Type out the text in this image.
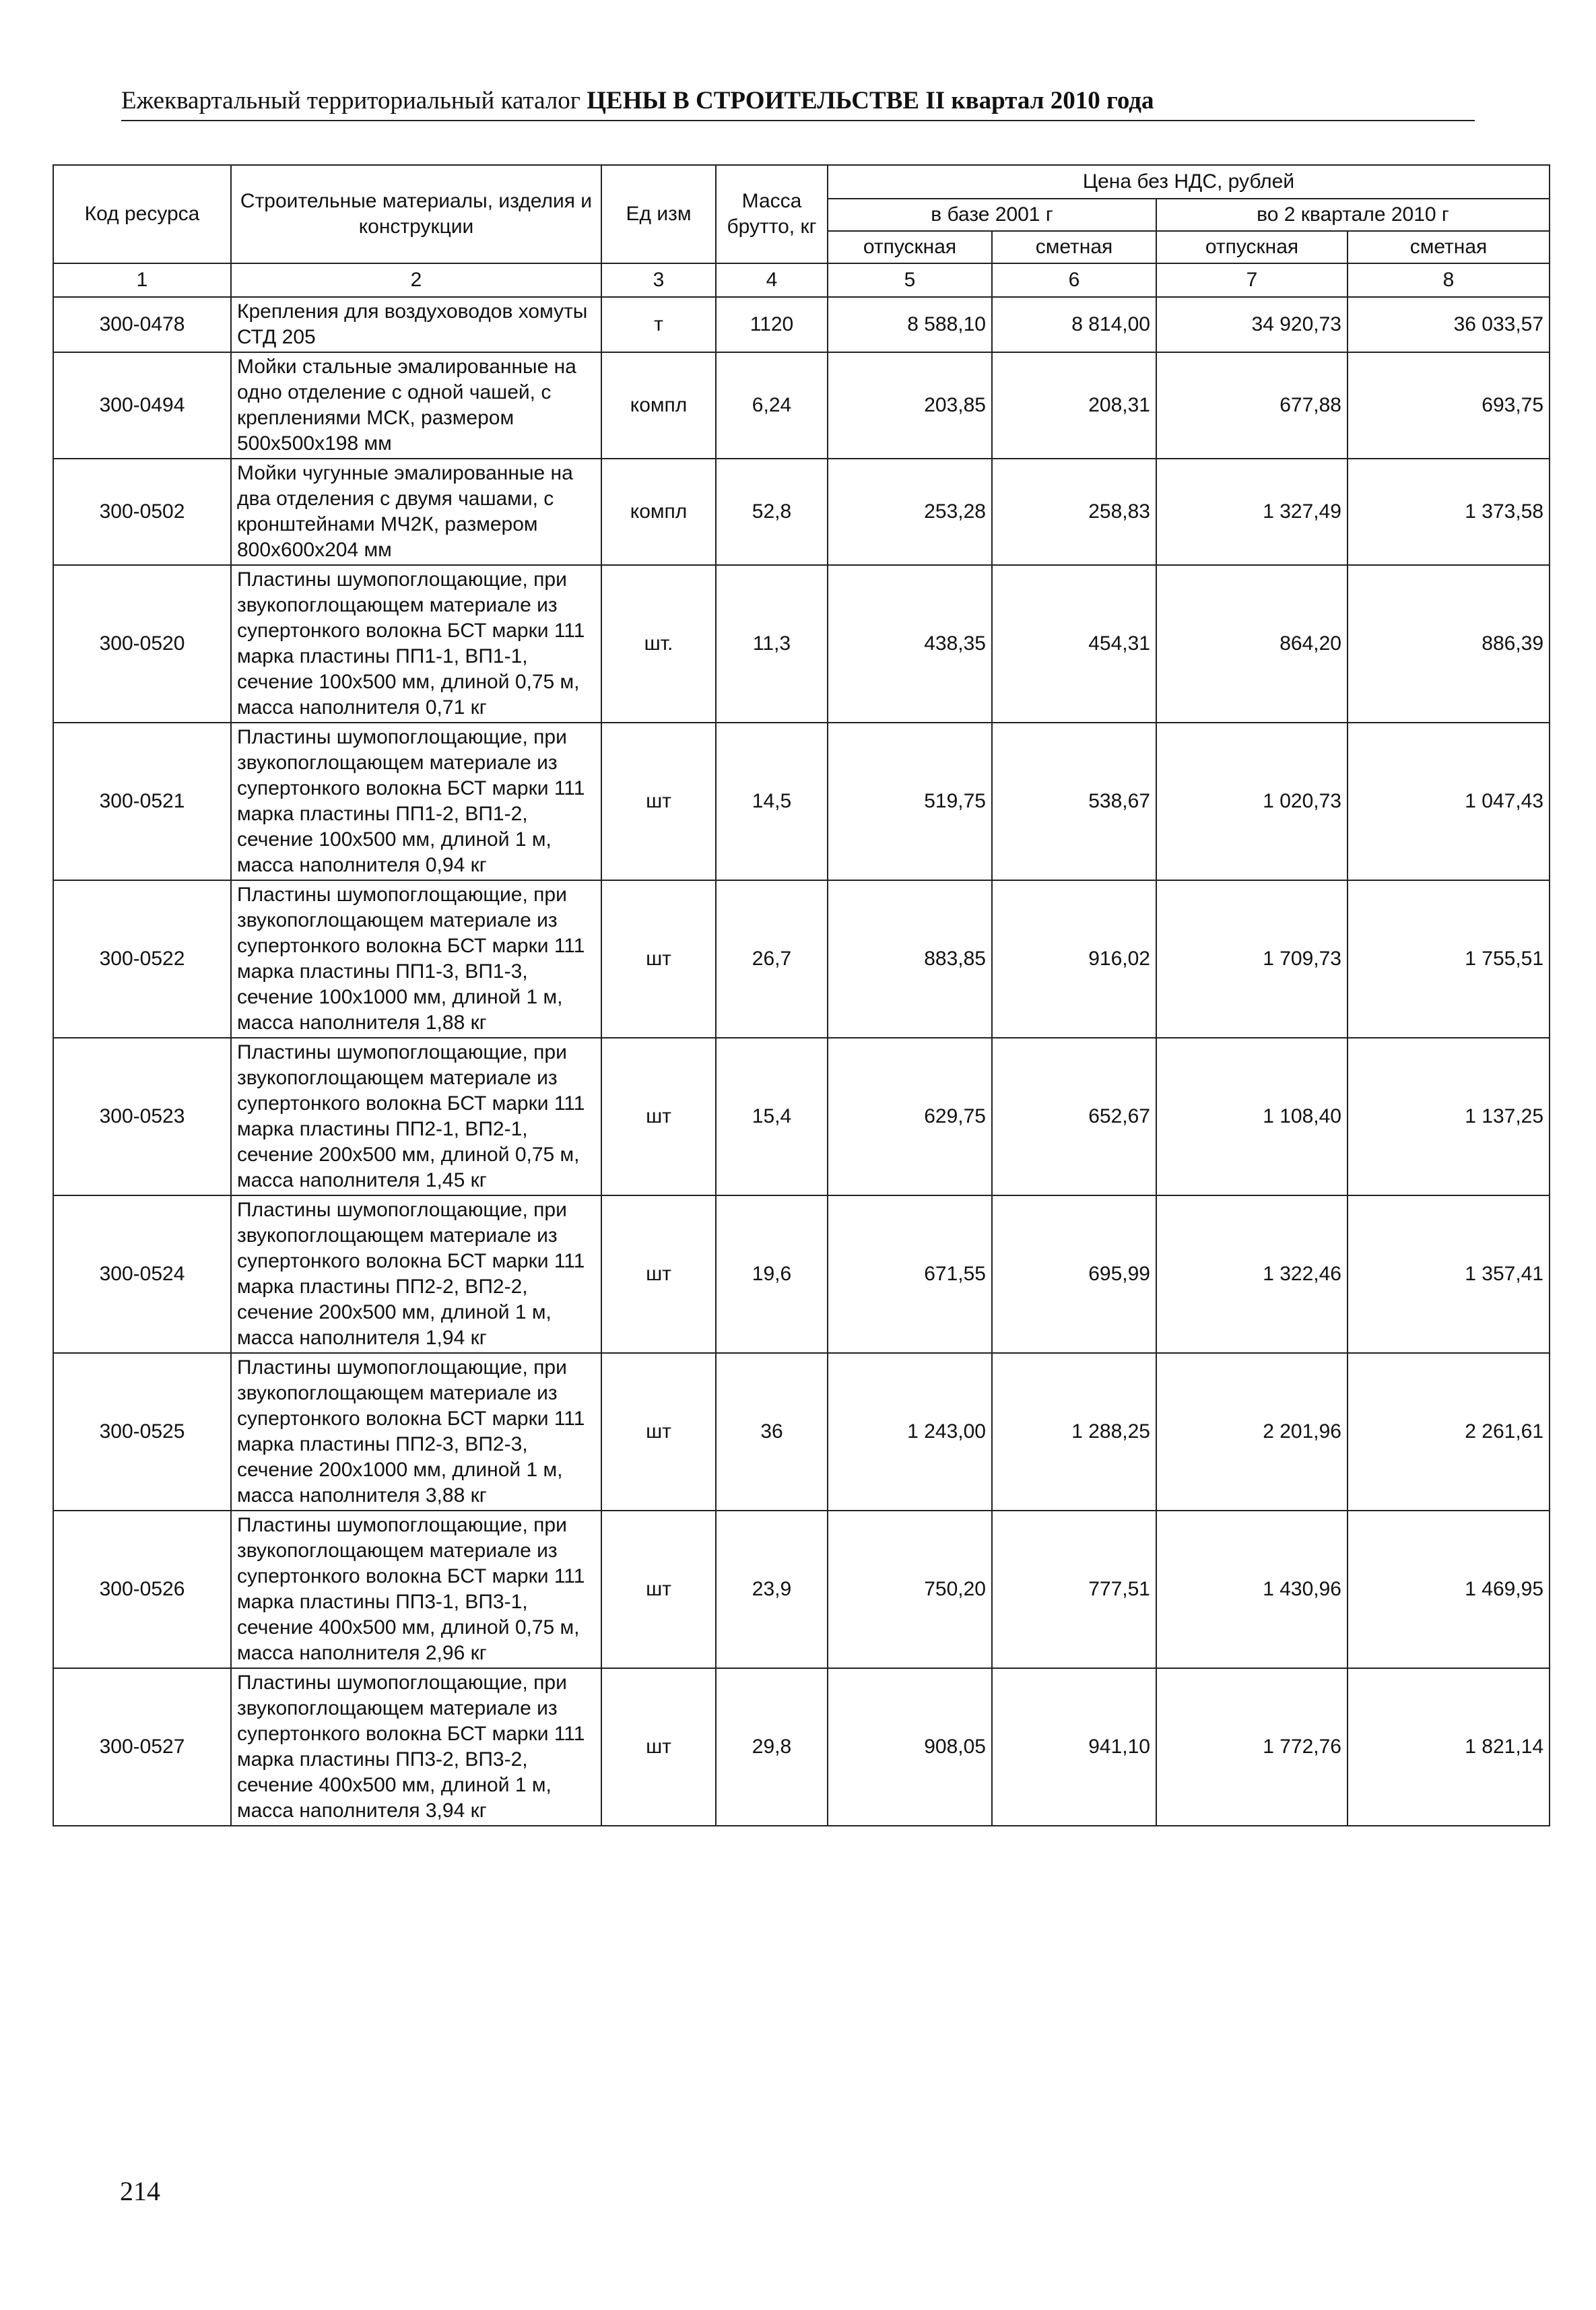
Ежеквартальный территориальный каталог ЦЕНЫ В СТРОИТЕЛЬСТВЕ II квартал 2010 года
Код ресурса	Строительные материалы, изделия и конструкции	Ед изм	Масса брутто, кг	Цена без НДС, рублей			
				в базе 2001 г		во 2 квартале 2010 г	
				отпускная	сметная	отпускная	сметная
1	2	3	4	5	6	7	8
300-0478	Крепления для воздуховодов хомуты СТД 205	т	1120	8 588,10	8 814,00	34 920,73	36 033,57
300-0494	Мойки стальные эмалированные на одно отделение с одной чашей, с креплениями МСК, размером 500х500х198 мм	компл	6,24	203,85	208,31	677,88	693,75
300-0502	Мойки чугунные эмалированные на два отделения с двумя чашами, с кронштейнами МЧ2К, размером 800х600х204 мм	компл	52,8	253,28	258,83	1 327,49	1 373,58
300-0520	Пластины шумопоглощающие, при звукопоглощающем материале из супертонкого волокна БСТ марки 111 марка пластины ПП1-1, ВП1-1, сечение 100х500 мм, длиной 0,75 м, масса наполнителя 0,71 кг	шт.	11,3	438,35	454,31	864,20	886,39
300-0521	Пластины шумопоглощающие, при звукопоглощающем материале из супертонкого волокна БСТ марки 111 марка пластины ПП1-2, ВП1-2, сечение 100х500 мм, длиной 1 м, масса наполнителя 0,94 кг	шт	14,5	519,75	538,67	1 020,73	1 047,43
300-0522	Пластины шумопоглощающие, при звукопоглощающем материале из супертонкого волокна БСТ марки 111 марка пластины ПП1-3, ВП1-3, сечение 100х1000 мм, длиной 1 м, масса наполнителя 1,88 кг	шт	26,7	883,85	916,02	1 709,73	1 755,51
300-0523	Пластины шумопоглощающие, при звукопоглощающем материале из супертонкого волокна БСТ марки 111 марка пластины ПП2-1, ВП2-1, сечение 200х500 мм, длиной 0,75 м, масса наполнителя 1,45 кг	шт	15,4	629,75	652,67	1 108,40	1 137,25
300-0524	Пластины шумопоглощающие, при звукопоглощающем материале из супертонкого волокна БСТ марки 111 марка пластины ПП2-2, ВП2-2, сечение 200х500 мм, длиной 1 м, масса наполнителя 1,94 кг	шт	19,6	671,55	695,99	1 322,46	1 357,41
300-0525	Пластины шумопоглощающие, при звукопоглощающем материале из супертонкого волокна БСТ марки 111 марка пластины ПП2-3, ВП2-3, сечение 200х1000 мм, длиной 1 м, масса наполнителя 3,88 кг	шт	36	1 243,00	1 288,25	2 201,96	2 261,61
300-0526	Пластины шумопоглощающие, при звукопоглощающем материале из супертонкого волокна БСТ марки 111 марка пластины ПП3-1, ВП3-1, сечение 400х500 мм, длиной 0,75 м, масса наполнителя 2,96 кг	шт	23,9	750,20	777,51	1 430,96	1 469,95
300-0527	Пластины шумопоглощающие, при звукопоглощающем материале из супертонкого волокна БСТ марки 111 марка пластины ПП3-2, ВП3-2, сечение 400х500 мм, длиной 1 м, масса наполнителя 3,94 кг	шт	29,8	908,05	941,10	1 772,76	1 821,14
214
